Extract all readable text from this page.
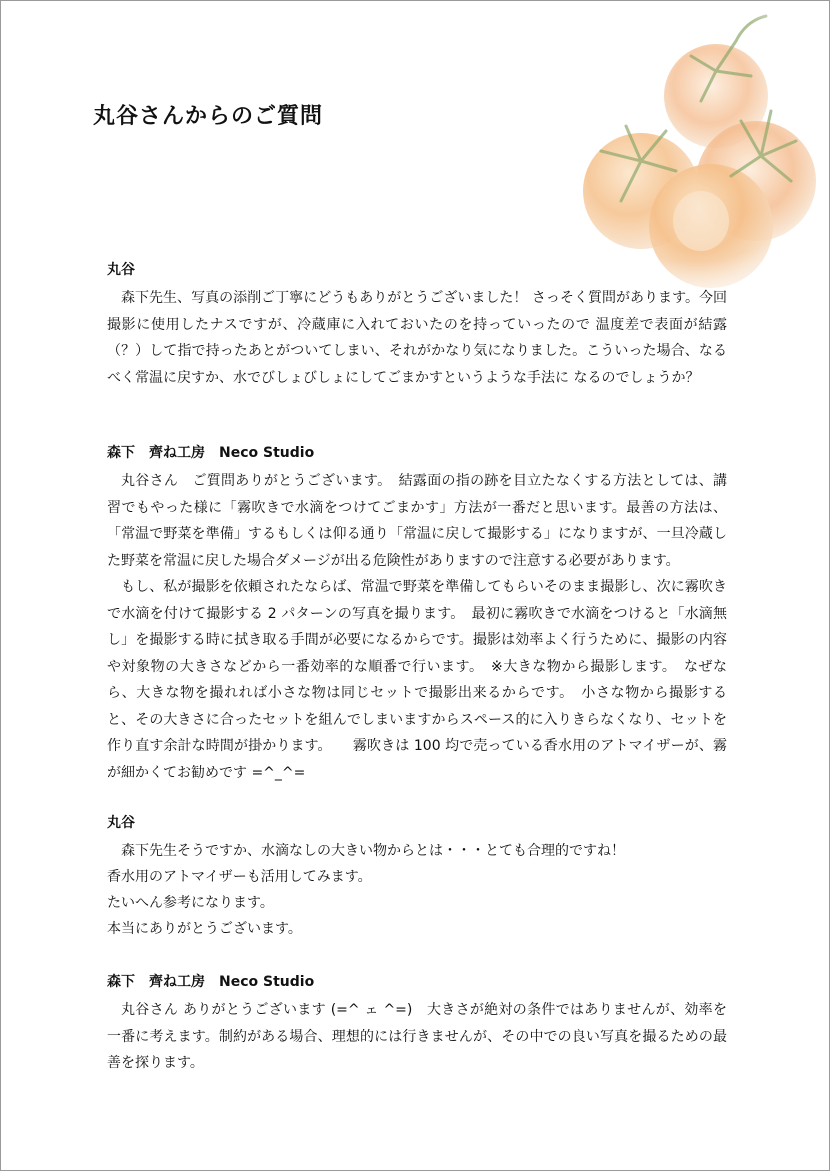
丸谷さんからのご質問

丸谷

森下先生、写真の添削ご丁寧にどうもありがとうございました！ さっそく質問があります。今回撮影に使用したナスですが、冷蔵庫に入れておいたのを持っていったので 温度差で表面が結露（？）して指で持ったあとがついてしまい、それがかなり気になりました。こういった場合、なるべく常温に戻すか、水でびしょびしょにしてごまかすというような手法に なるのでしょうか？

森下　齊ね工房　Neco Studio

丸谷さん　ご質問ありがとうございます。　結露面の指の跡を目立たなくする方法としては、講習でもやった様に「霧吹きで水滴をつけてごまかす」方法が一番だと思います。最善の方法は、「常温で野菜を準備」するもしくは仰る通り「常温に戻して撮影する」になりますが、一旦冷蔵した野菜を常温に戻した場合ダメージが出る危険性がありますので注意する必要があります。

もし、私が撮影を依頼されたならば、常温で野菜を準備してもらいそのまま撮影し、次に霧吹きで水滴を付けて撮影する 2 パターンの写真を撮ります。　最初に霧吹きで水滴をつけると「水滴無し」を撮影する時に拭き取る手間が必要になるからです。撮影は効率よく行うために、撮影の内容や対象物の大きさなどから一番効率的な順番で行います。　※大きな物から撮影します。　なぜなら、大きな物を撮れれば小さな物は同じセットで撮影出来るからです。　小さな物から撮影すると、その大きさに合ったセットを組んでしまいますからスペース的に入りきらなくなり、セットを作り直す余計な時間が掛かります。　　霧吹きは 100 均で売っている香水用のアトマイザーが、霧が細かくてお勧めです =^_^=

丸谷

　森下先生そうですか、水滴なしの大きい物からとは・・・とても合理的ですね！

香水用のアトマイザーも活用してみます。

たいへん参考になります。

本当にありがとうございます。

森下　齊ね工房　Neco Studio

丸谷さん ありがとうございます (=^ ェ ^=)　大きさが絶対の条件ではありませんが、効率を一番に考えます。制約がある場合、理想的には行きませんが、その中での良い写真を撮るための最善を探ります。
